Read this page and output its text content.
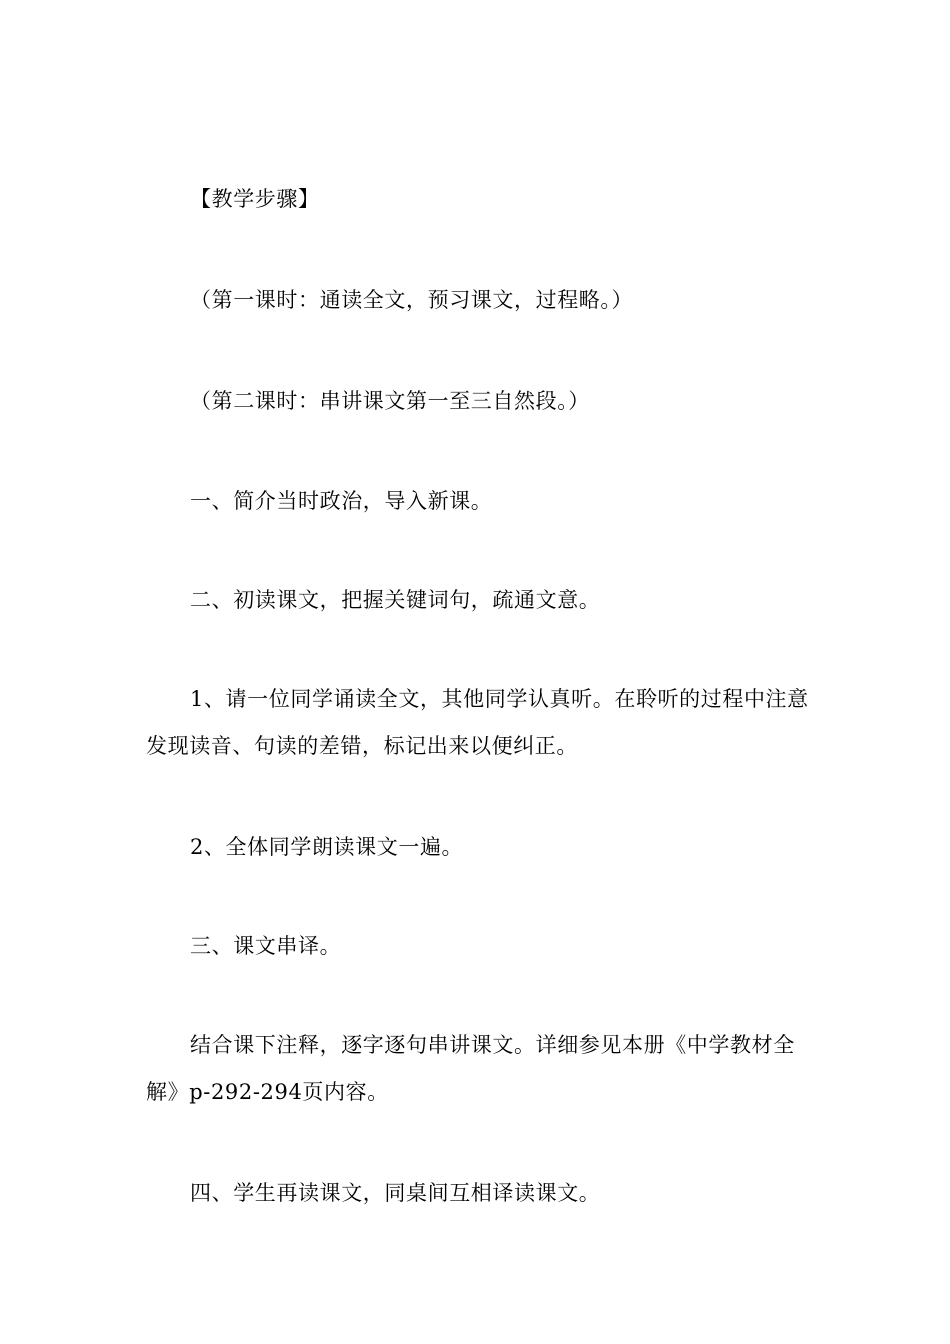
【教学步骤】

（第一课时：通读全文，预习课文，过程略。）

（第二课时：串讲课文第一至三自然段。）

一、简介当时政治，导入新课。

二、初读课文，把握关键词句，疏通文意。

1、请一位同学诵读全文，其他同学认真听。在聆听的过程中注意发现读音、句读的差错，标记出来以便纠正。

2、全体同学朗读课文一遍。

三、课文串译。

结合课下注释，逐字逐句串讲课文。详细参见本册《中学教材全解》p-292-294页内容。

四、学生再读课文，同桌间互相译读课文。
